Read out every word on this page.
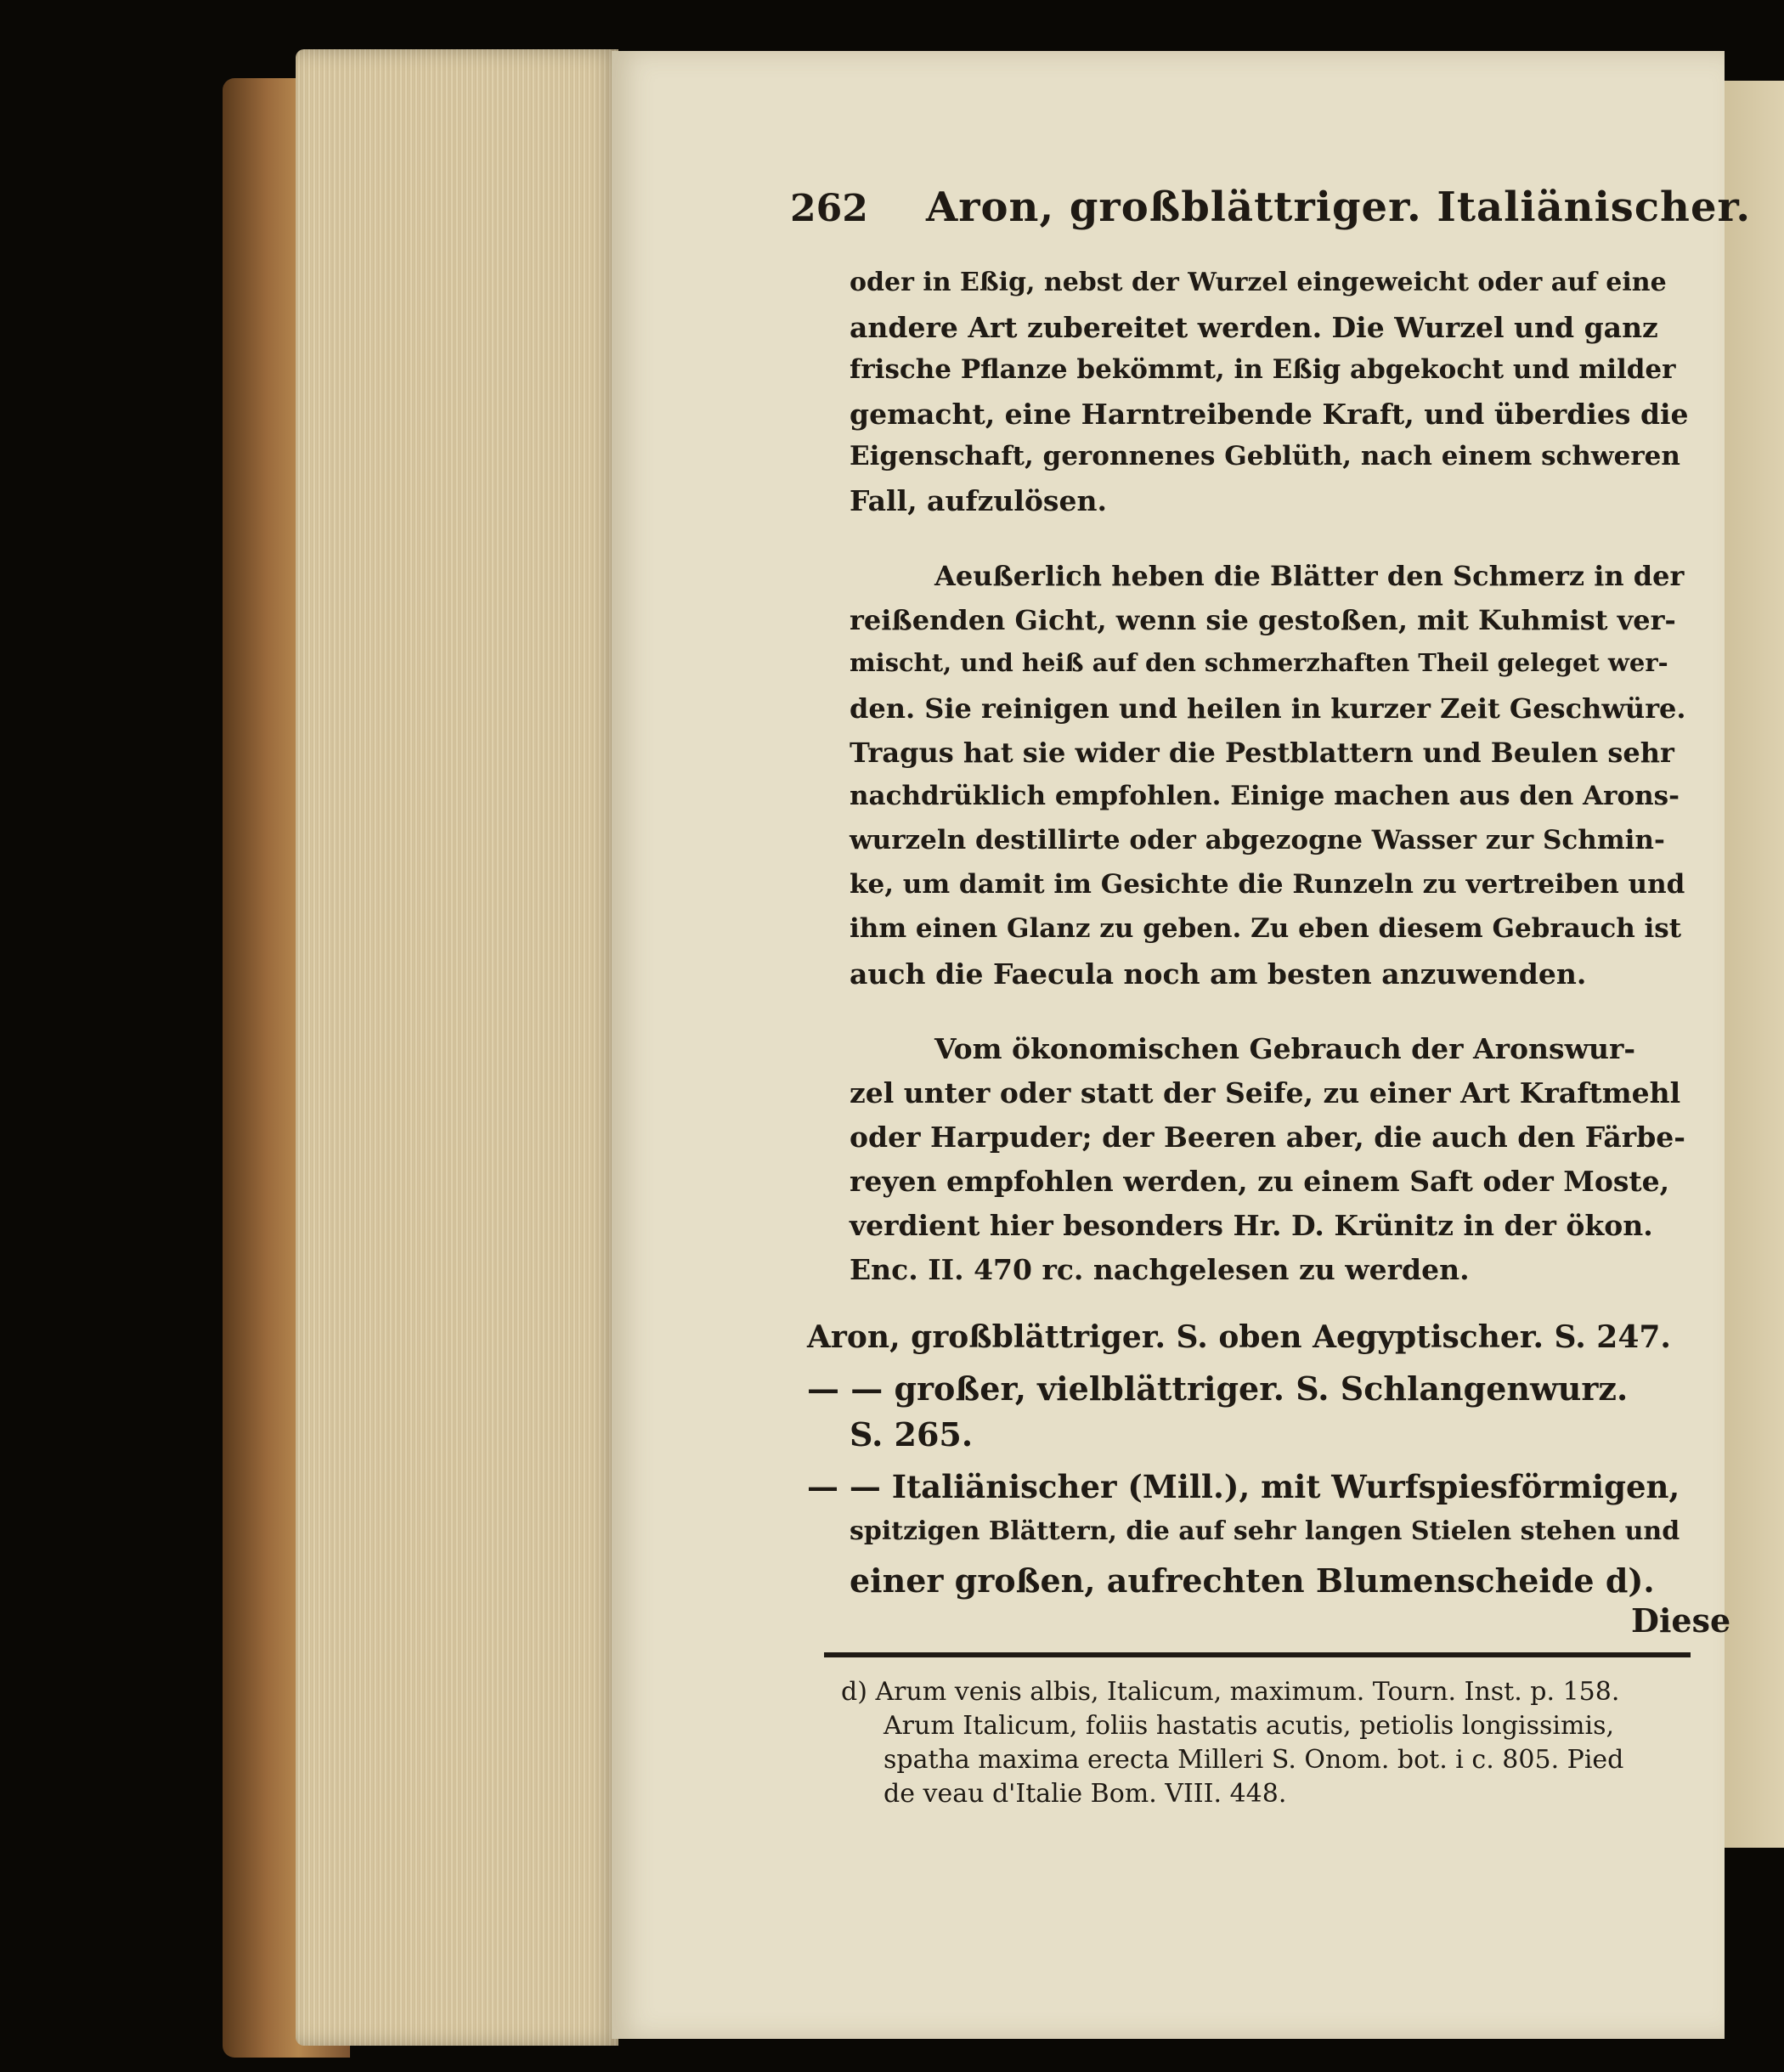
262 Aron, großblättriger. Italiänischer.
oder in Eßig, nebst der Wurzel eingeweicht oder auf eine
andere Art zubereitet werden. Die Wurzel und ganz
frische Pflanze bekömmt, in Eßig abgekocht und milder
gemacht, eine Harntreibende Kraft, und überdies die
Eigenschaft, geronnenes Geblüth, nach einem schweren
Fall, aufzulösen.
Aeußerlich heben die Blätter den Schmerz in der
reißenden Gicht, wenn sie gestoßen, mit Kuhmist ver-
mischt, und heiß auf den schmerzhaften Theil geleget wer-
den. Sie reinigen und heilen in kurzer Zeit Geschwüre.
Tragus hat sie wider die Pestblattern und Beulen sehr
nachdrüklich empfohlen. Einige machen aus den Arons-
wurzeln destillirte oder abgezogne Wasser zur Schmin-
ke, um damit im Gesichte die Runzeln zu vertreiben und
ihm einen Glanz zu geben. Zu eben diesem Gebrauch ist
auch die Faecula noch am besten anzuwenden.
Vom ökonomischen Gebrauch der Aronswur-
zel unter oder statt der Seife, zu einer Art Kraftmehl
oder Harpuder; der Beeren aber, die auch den Färbe-
reyen empfohlen werden, zu einem Saft oder Moste,
verdient hier besonders Hr. D. Krünitz in der ökon.
Enc. II. 470 rc. nachgelesen zu werden.
Aron, großblättriger. S. oben Aegyptischer. S. 247.
— — großer, vielblättriger. S. Schlangenwurz.
S. 265.
— — Italiänischer (Mill.), mit Wurfspiesförmigen,
spitzigen Blättern, die auf sehr langen Stielen stehen und
einer großen, aufrechten Blumenscheide d).
Diese
d) Arum venis albis, Italicum, maximum. Tourn. Inst. p. 158.
Arum Italicum, foliis hastatis acutis, petiolis longissimis,
spatha maxima erecta Milleri S. Onom. bot. i c. 805. Pied
de veau d'Italie Bom. VIII. 448.
